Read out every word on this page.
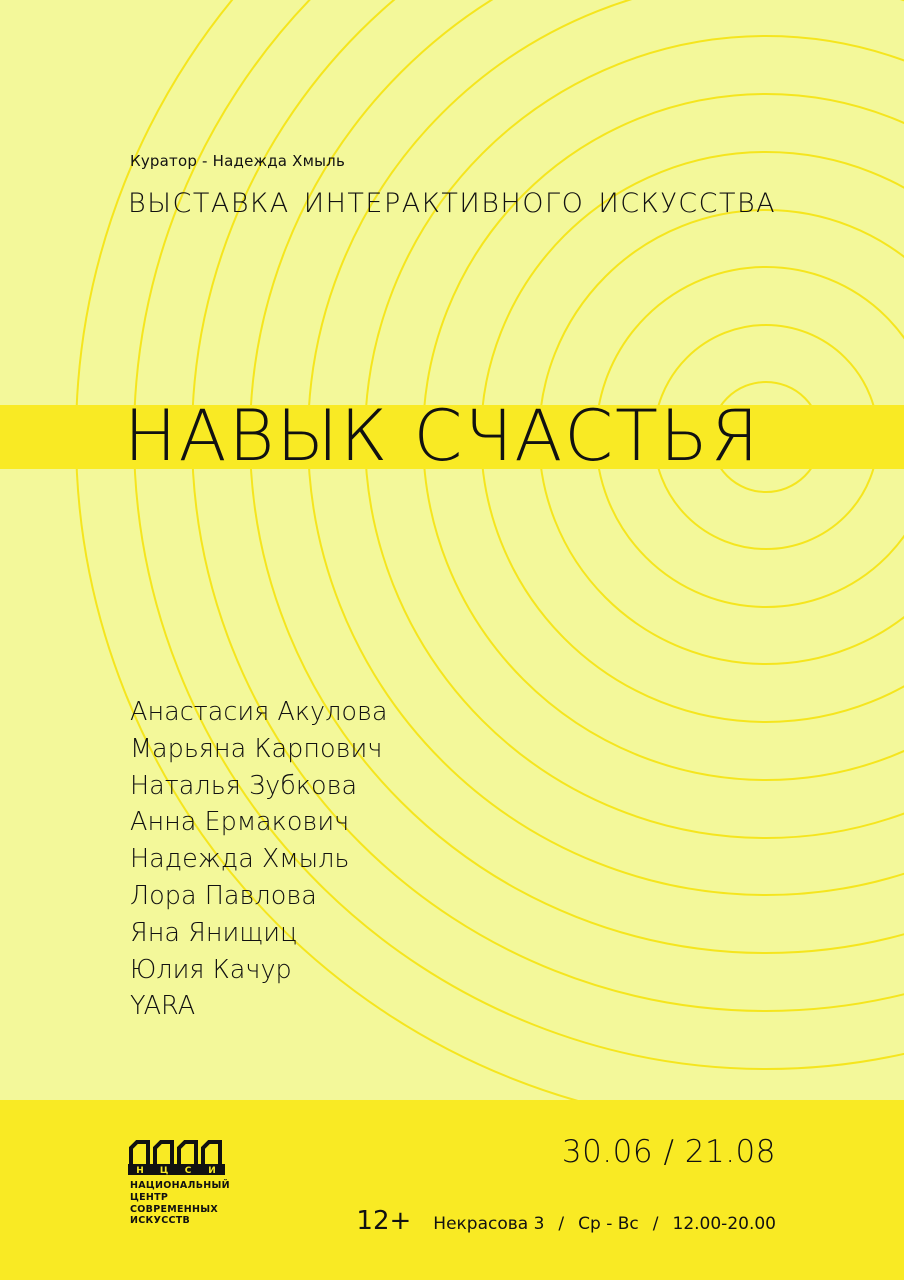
Куратор - Надежда Хмыль
ВЫСТАВКА ИНТЕРАКТИВНОГО ИСКУССТВА
НАВЫК СЧАСТЬЯ
Анастасия Акулова
Марьяна Карпович
Наталья Зубкова
Анна Ермакович
Надежда Хмыль
Лора Павлова
Яна Янищиц
Юлия Качур
YARA
Н Ц С И
НАЦИОНАЛЬНЫЙ
ЦЕНТР
СОВРЕМЕННЫХ
ИСКУССТВ
30.06 / 21.08
12+ Некрасова 3 / Ср - Вс / 12.00-20.00
